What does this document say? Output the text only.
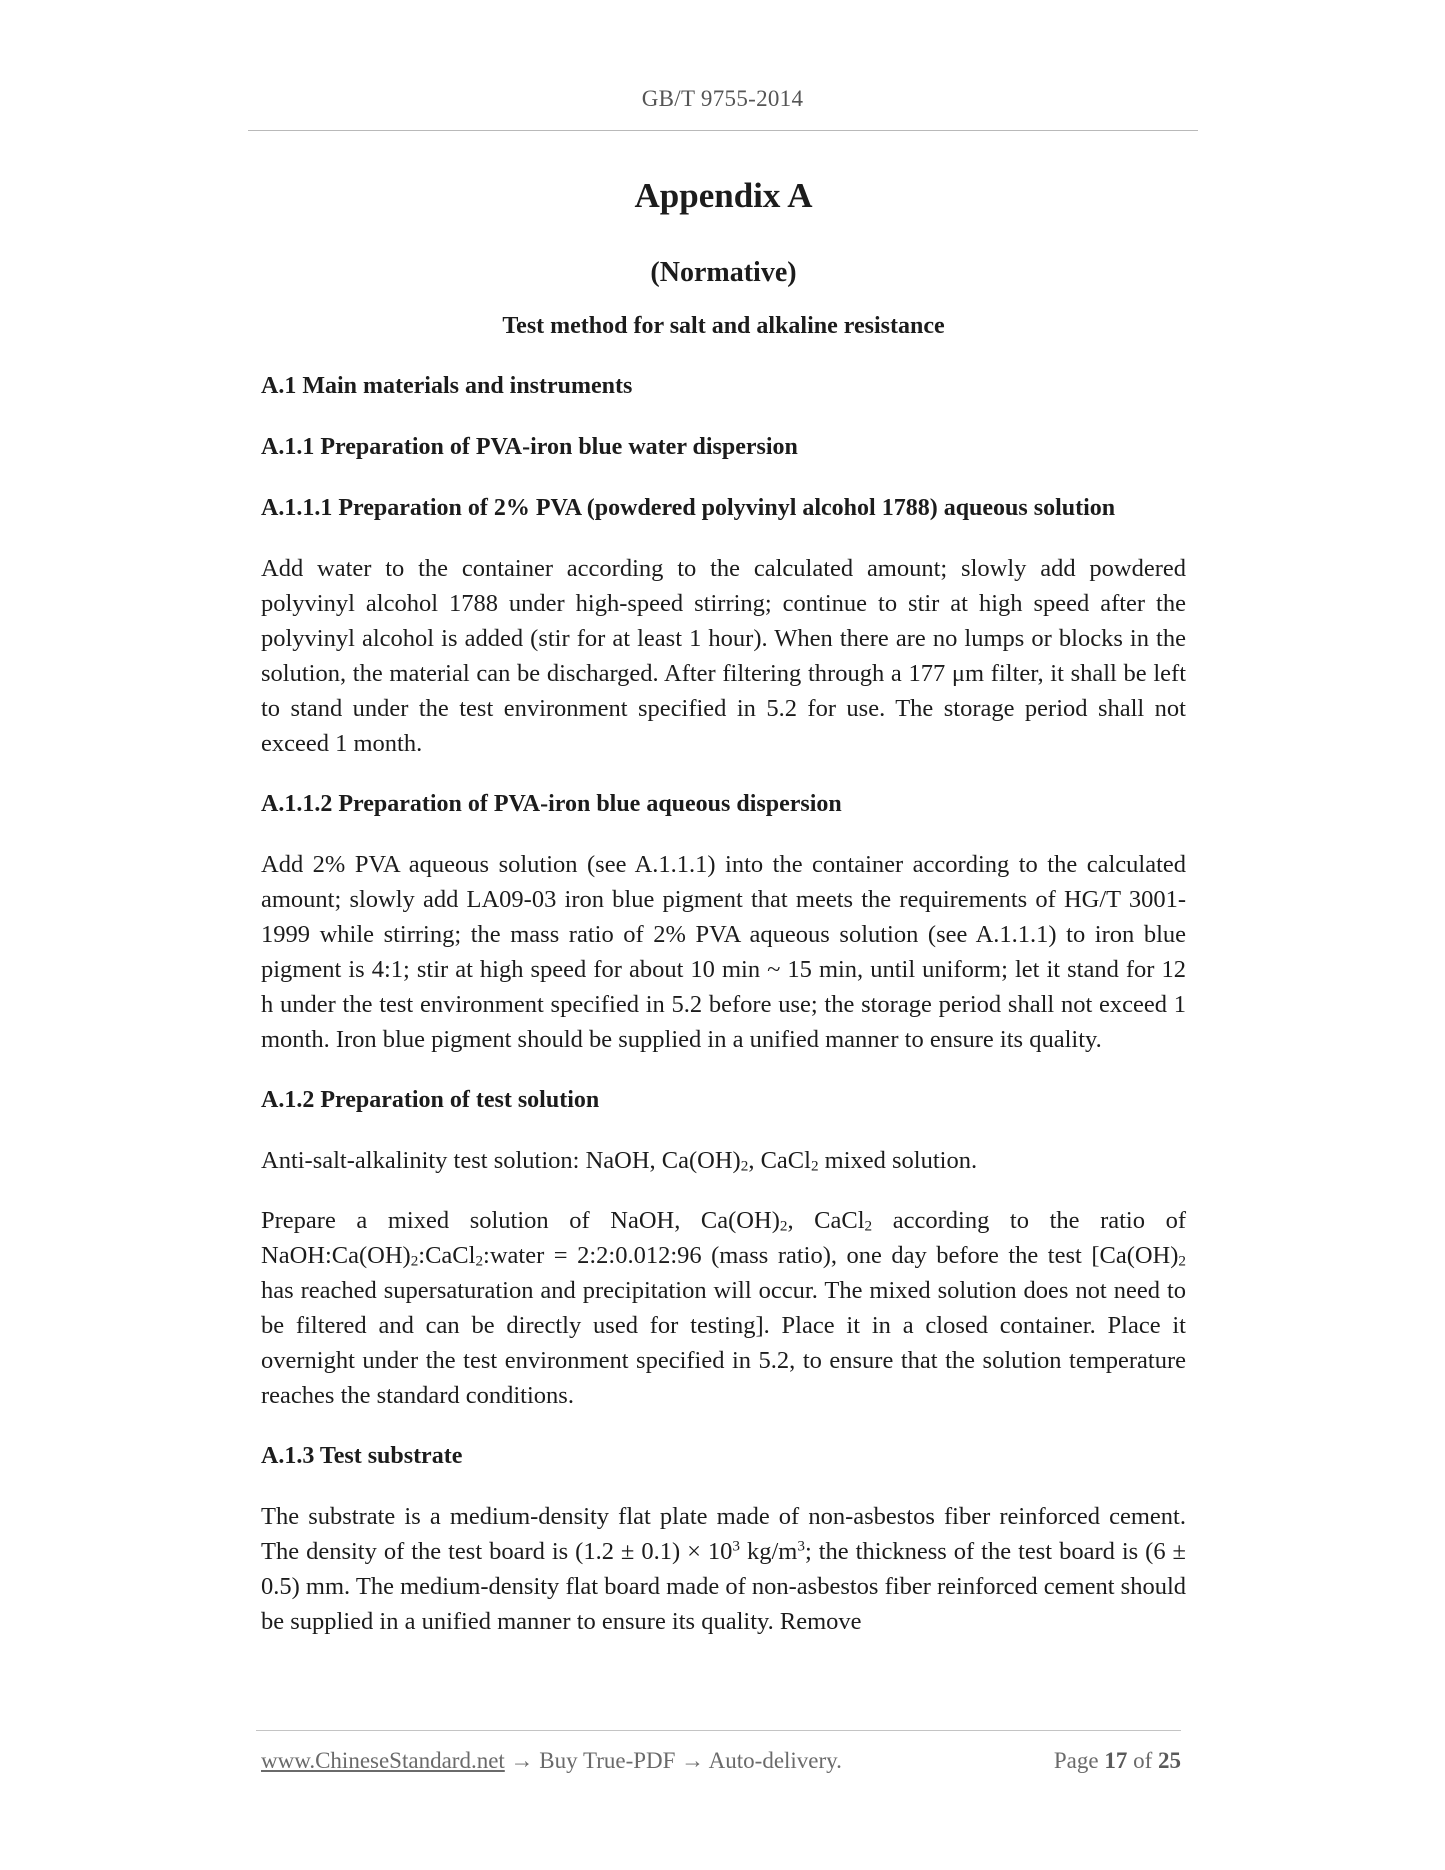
GB/T 9755-2014
Appendix A
(Normative)
Test method for salt and alkaline resistance
A.1 Main materials and instruments
A.1.1 Preparation of PVA-iron blue water dispersion
A.1.1.1 Preparation of 2% PVA (powdered polyvinyl alcohol 1788) aqueous solution
Add water to the container according to the calculated amount; slowly add powdered polyvinyl alcohol 1788 under high-speed stirring; continue to stir at high speed after the polyvinyl alcohol is added (stir for at least 1 hour). When there are no lumps or blocks in the solution, the material can be discharged. After filtering through a 177 μm filter, it shall be left to stand under the test environment specified in 5.2 for use. The storage period shall not exceed 1 month.
A.1.1.2 Preparation of PVA-iron blue aqueous dispersion
Add 2% PVA aqueous solution (see A.1.1.1) into the container according to the calculated amount; slowly add LA09-03 iron blue pigment that meets the requirements of HG/T 3001-1999 while stirring; the mass ratio of 2% PVA aqueous solution (see A.1.1.1) to iron blue pigment is 4:1; stir at high speed for about 10 min ~ 15 min, until uniform; let it stand for 12 h under the test environment specified in 5.2 before use; the storage period shall not exceed 1 month. Iron blue pigment should be supplied in a unified manner to ensure its quality.
A.1.2 Preparation of test solution
Anti-salt-alkalinity test solution: NaOH, $Ca(OH)_2$, CaCl$_2$ mixed solution.
Prepare a mixed solution of NaOH, $Ca(OH)_2$, CaCl$_2$ according to the ratio of $NaOH:Ca(OH)_2:CaCl_2:water$ = 2:2:0.012:96 (mass ratio), one day before the test [$Ca(OH)_2$ has reached supersaturation and precipitation will occur. The mixed solution does not need to be filtered and can be directly used for testing]. Place it in a closed container. Place it overnight under the test environment specified in 5.2, to ensure that the solution temperature reaches the standard conditions.
A.1.3 Test substrate
The substrate is a medium-density flat plate made of non-asbestos fiber reinforced cement. The density of the test board is $(1.2 \pm 0.1) \times 10^3$ $kg/m^3$; the thickness of the test board is (6 ± 0.5) mm. The medium-density flat board made of non-asbestos fiber reinforced cement should be supplied in a unified manner to ensure its quality. Remove
www.ChineseStandard.net → Buy True-PDF → Auto-delivery.	Page 17 of 25
